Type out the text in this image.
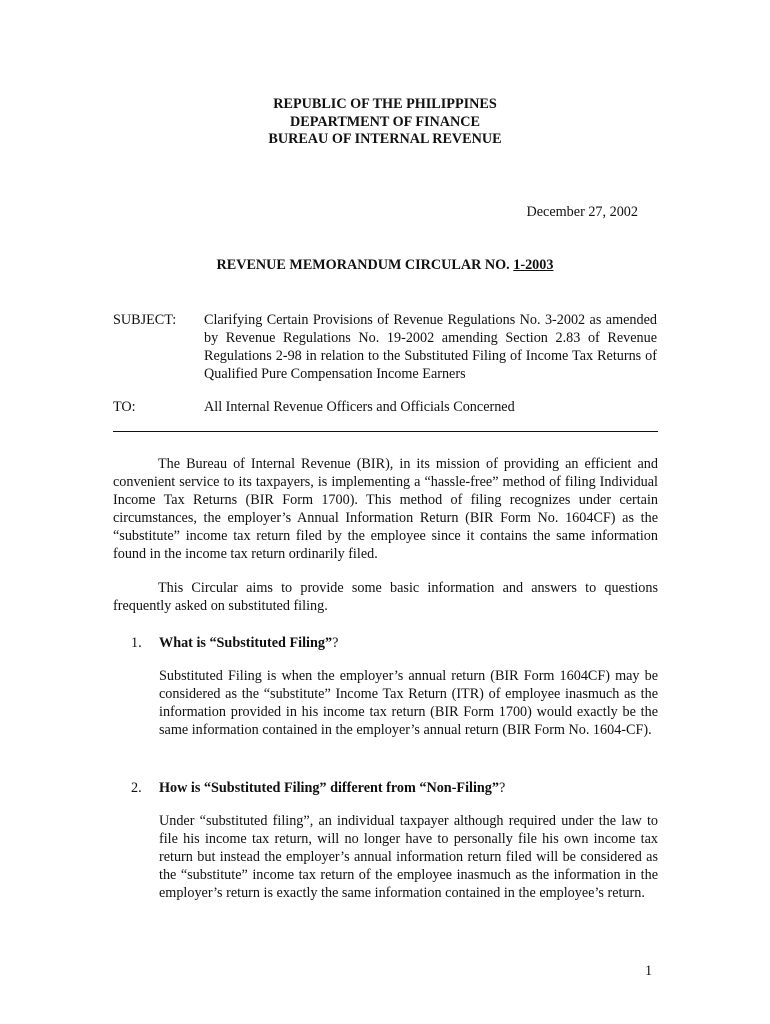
REPUBLIC OF THE PHILIPPINES
DEPARTMENT OF FINANCE
BUREAU OF INTERNAL REVENUE
December 27, 2002
REVENUE MEMORANDUM CIRCULAR NO. 1-2003
SUBJECT: Clarifying Certain Provisions of Revenue Regulations No. 3-2002 as amended by Revenue Regulations No. 19-2002 amending Section 2.83 of Revenue Regulations 2-98 in relation to the Substituted Filing of Income Tax Returns of Qualified Pure Compensation Income Earners
TO:	All Internal Revenue Officers and Officials Concerned
The Bureau of Internal Revenue (BIR), in its mission of providing an efficient and convenient service to its taxpayers, is implementing a “hassle-free” method of filing Individual Income Tax Returns (BIR Form 1700). This method of filing recognizes under certain circumstances, the employer’s Annual Information Return (BIR Form No. 1604CF) as the “substitute” income tax return filed by the employee since it contains the same information found in the income tax return ordinarily filed.
This Circular aims to provide some basic information and answers to questions frequently asked on substituted filing.
1. What is “Substituted Filing”?
Substituted Filing is when the employer’s annual return (BIR Form 1604CF) may be considered as the “substitute” Income Tax Return (ITR) of employee inasmuch as the information provided in his income tax return (BIR Form 1700) would exactly be the same information contained in the employer’s annual return (BIR Form No. 1604-CF).
2. How is “Substituted Filing” different from “Non-Filing”?
Under “substituted filing”, an individual taxpayer although required under the law to file his income tax return, will no longer have to personally file his own income tax return but instead the employer’s annual information return filed will be considered as the “substitute” income tax return of the employee inasmuch as the information in the employer’s return is exactly the same information contained in the employee’s return.
1
